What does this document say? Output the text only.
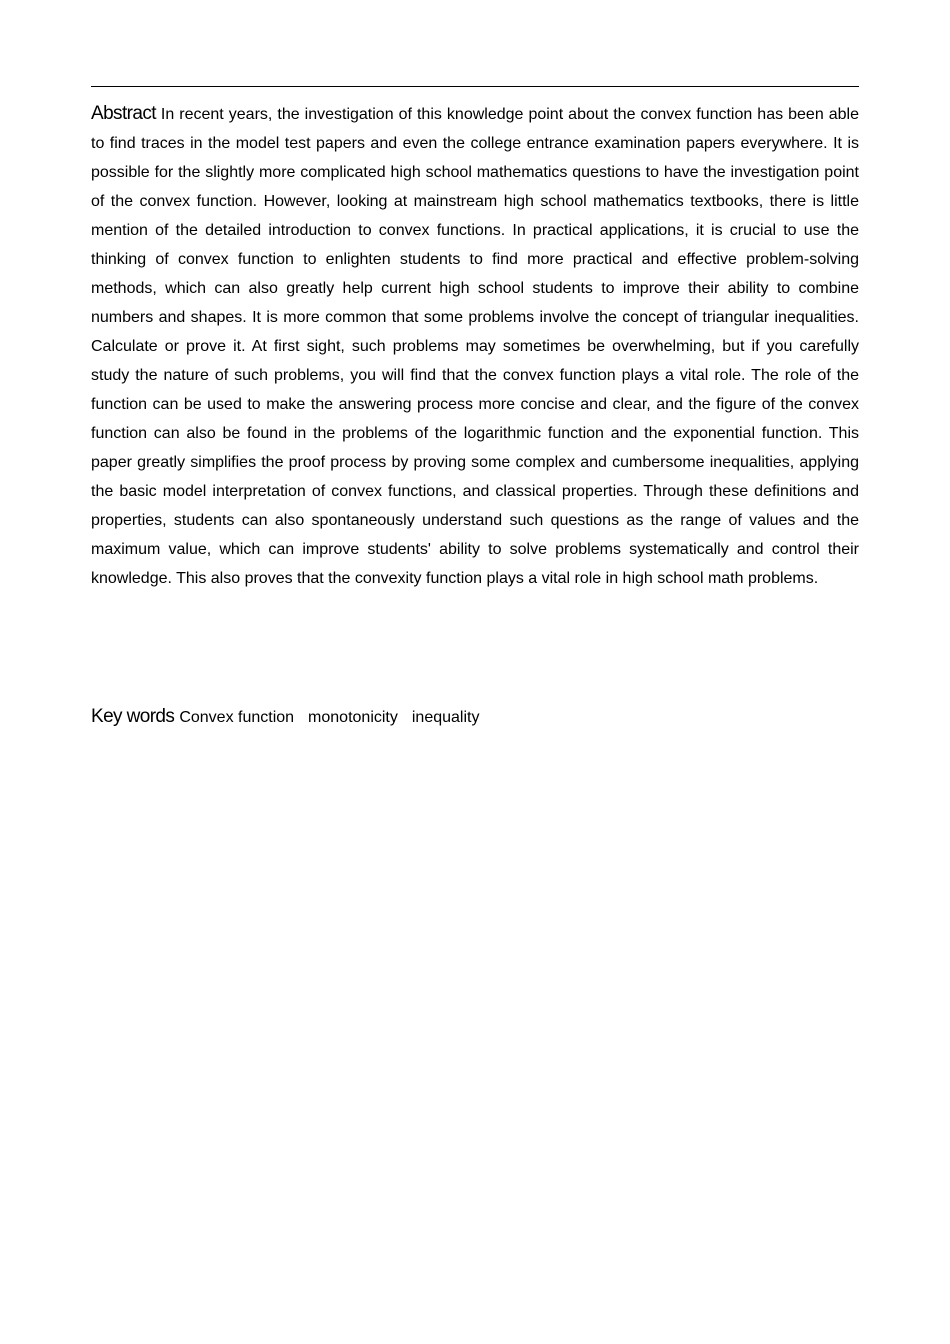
Abstract In recent years, the investigation of this knowledge point about the convex function has been able to find traces in the model test papers and even the college entrance examination papers everywhere. It is possible for the slightly more complicated high school mathematics questions to have the investigation point of the convex function. However, looking at mainstream high school mathematics textbooks, there is little mention of the detailed introduction to convex functions. In practical applications, it is crucial to use the thinking of convex function to enlighten students to find more practical and effective problem-solving methods, which can also greatly help current high school students to improve their ability to combine numbers and shapes. It is more common that some problems involve the concept of triangular inequalities. Calculate or prove it. At first sight, such problems may sometimes be overwhelming, but if you carefully study the nature of such problems, you will find that the convex function plays a vital role. The role of the function can be used to make the answering process more concise and clear, and the figure of the convex function can also be found in the problems of the logarithmic function and the exponential function. This paper greatly simplifies the proof process by proving some complex and cumbersome inequalities, applying the basic model interpretation of convex functions, and classical properties. Through these definitions and properties, students can also spontaneously understand such questions as the range of values and the maximum value, which can improve students' ability to solve problems systematically and control their knowledge. This also proves that the convexity function plays a vital role in high school math problems.

Key words Convex function monotonicity inequality
